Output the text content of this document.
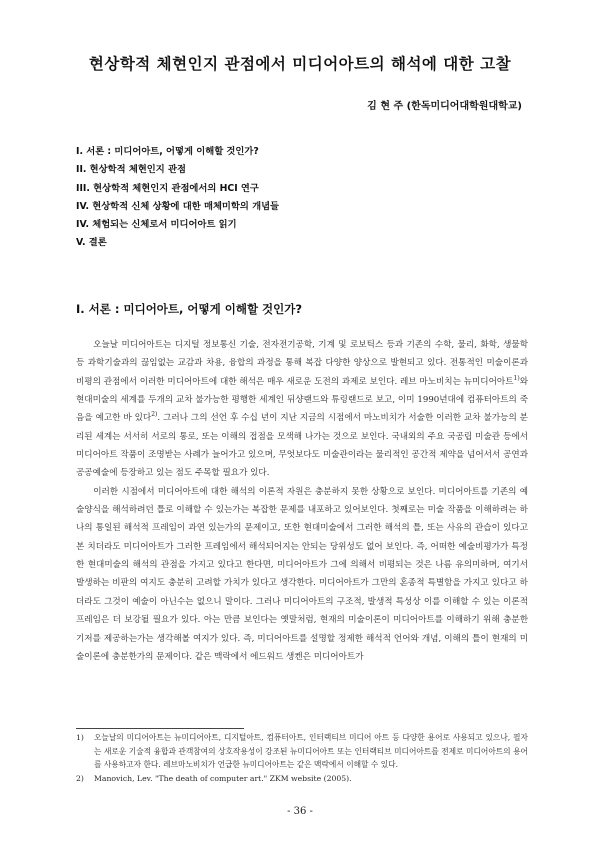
현상학적 체현인지 관점에서 미디어아트의 해석에 대한 고찰
김 현 주 (한독미디어대학원대학교)
I. 서론 : 미디어아트, 어떻게 이해할 것인가?
II. 현상학적 체현인지 관점
III. 현상학적 체현인지 관점에서의 HCI 연구
IV. 현상학적 신체 상황에 대한 매체미학의 개념들
IV. 체험되는 신체로서 미디어아트 읽기
V. 결론
I. 서론 : 미디어아트, 어떻게 이해할 것인가?

오늘날 미디어아트는 디지털 정보통신 기술, 전자전기공학, 기계 및 로보틱스 등과 기존의 수학, 물리, 화학, 생물학 등 과학기술과의 끊임없는 교감과 차용, 융합의 과정을 통해 복잡 다양한 양상으로 발현되고 있다. 전통적인 미술이론과 비평의 관점에서 이러한 미디어아트에 대한 해석은 매우 새로운 도전의 과제로 보인다. 레브 마노비치는 뉴미디어아트$^{1)}$와 현대미술의 세계를 두개의 교차 불가능한 평행한 세계인 뒤샹랜드와 튜링랜드로 보고, 이미 1990년대에 컴퓨터아트의 죽음을 예고한 바 있다$^{2)}$. 그러나 그의 선언 후 수십 년이 지난 지금의 시점에서 마노비치가 서술한 이러한 교차 불가능의 분리된 세계는 서서히 서로의 통로, 또는 이해의 접점을 모색해 나가는 것으로 보인다. 국내외의 주요 국공립 미술관 등에서 미디어아트 작품이 조명받는 사례가 늘어가고 있으며, 무엇보다도 미술관이라는 물리적인 공간적 제약을 넘어서서 공연과 공공예술에 등장하고 있는 점도 주목할 필요가 있다.

이러한 시점에서 미디어아트에 대한 해석의 이론적 자원은 충분하지 못한 상황으로 보인다. 미디어아트를 기존의 예술양식을 해석하려던 틀로 이해할 수 있는가는 복잡한 문제를 내포하고 있어보인다. 첫째로는 미술 작품을 이해하려는 하나의 통일된 해석적 프레임이 과연 있는가의 문제이고, 또한 현대미술에서 그러한 해석의 틀, 또는 사유의 관습이 있다고 본 치더라도 미디어아트가 그러한 프레임에서 해석되어지는 안되는 당위성도 없어 보인다. 즉, 어떠한 예술비평가가 특정한 현대미술의 해석의 관점을 가지고 있다고 한다면, 미디어아트가 그에 의해서 비평되는 것은 나름 유의미하며, 여기서 발생하는 비판의 여지도 충분히 고려할 가치가 있다고 생각한다. 미디어아트가 그만의 혼종적 특별함을 가지고 있다고 하더라도 그것이 예술이 아닌수는 없으니 말이다. 그러나 미디어아트의 구조적, 발생적 특성상 이를 이해할 수 있는 이론적 프레임은 더 보강될 필요가 있다. 아는 만큼 보인다는 옛말처럼, 현재의 미술이론이 미디어아트를 이해하기 위해 충분한 기저를 제공하는가는 생각해볼 여지가 있다. 즉, 미디어아트를 설명할 정제한 해석적 언어와 개념, 이해의 틀이 현재의 미술이론에 충분한가의 문제이다. 같은 맥락에서 에드워드 생켄은 미디어아트가

1)	오늘날의 미디어아트는 뉴미디어아트, 디지털아트, 컴퓨터아트, 인터랙티브 미디어 아트 등 다양한 용어로 사용되고 있으나, 필자는 새로운 기술적 융합과 관객참여의 상호작용성이 강조된 뉴미디어아트 또는 인터랙티브 미디어아트를 전제로 미디어아트의 용어를 사용하고자 한다. 레브마노비치가 언급한 뉴미디어아트는 같은 맥락에서 이해할 수 있다.
2)	Manovich, Lev. "The death of computer art." ZKM website (2005).
- 36 -
